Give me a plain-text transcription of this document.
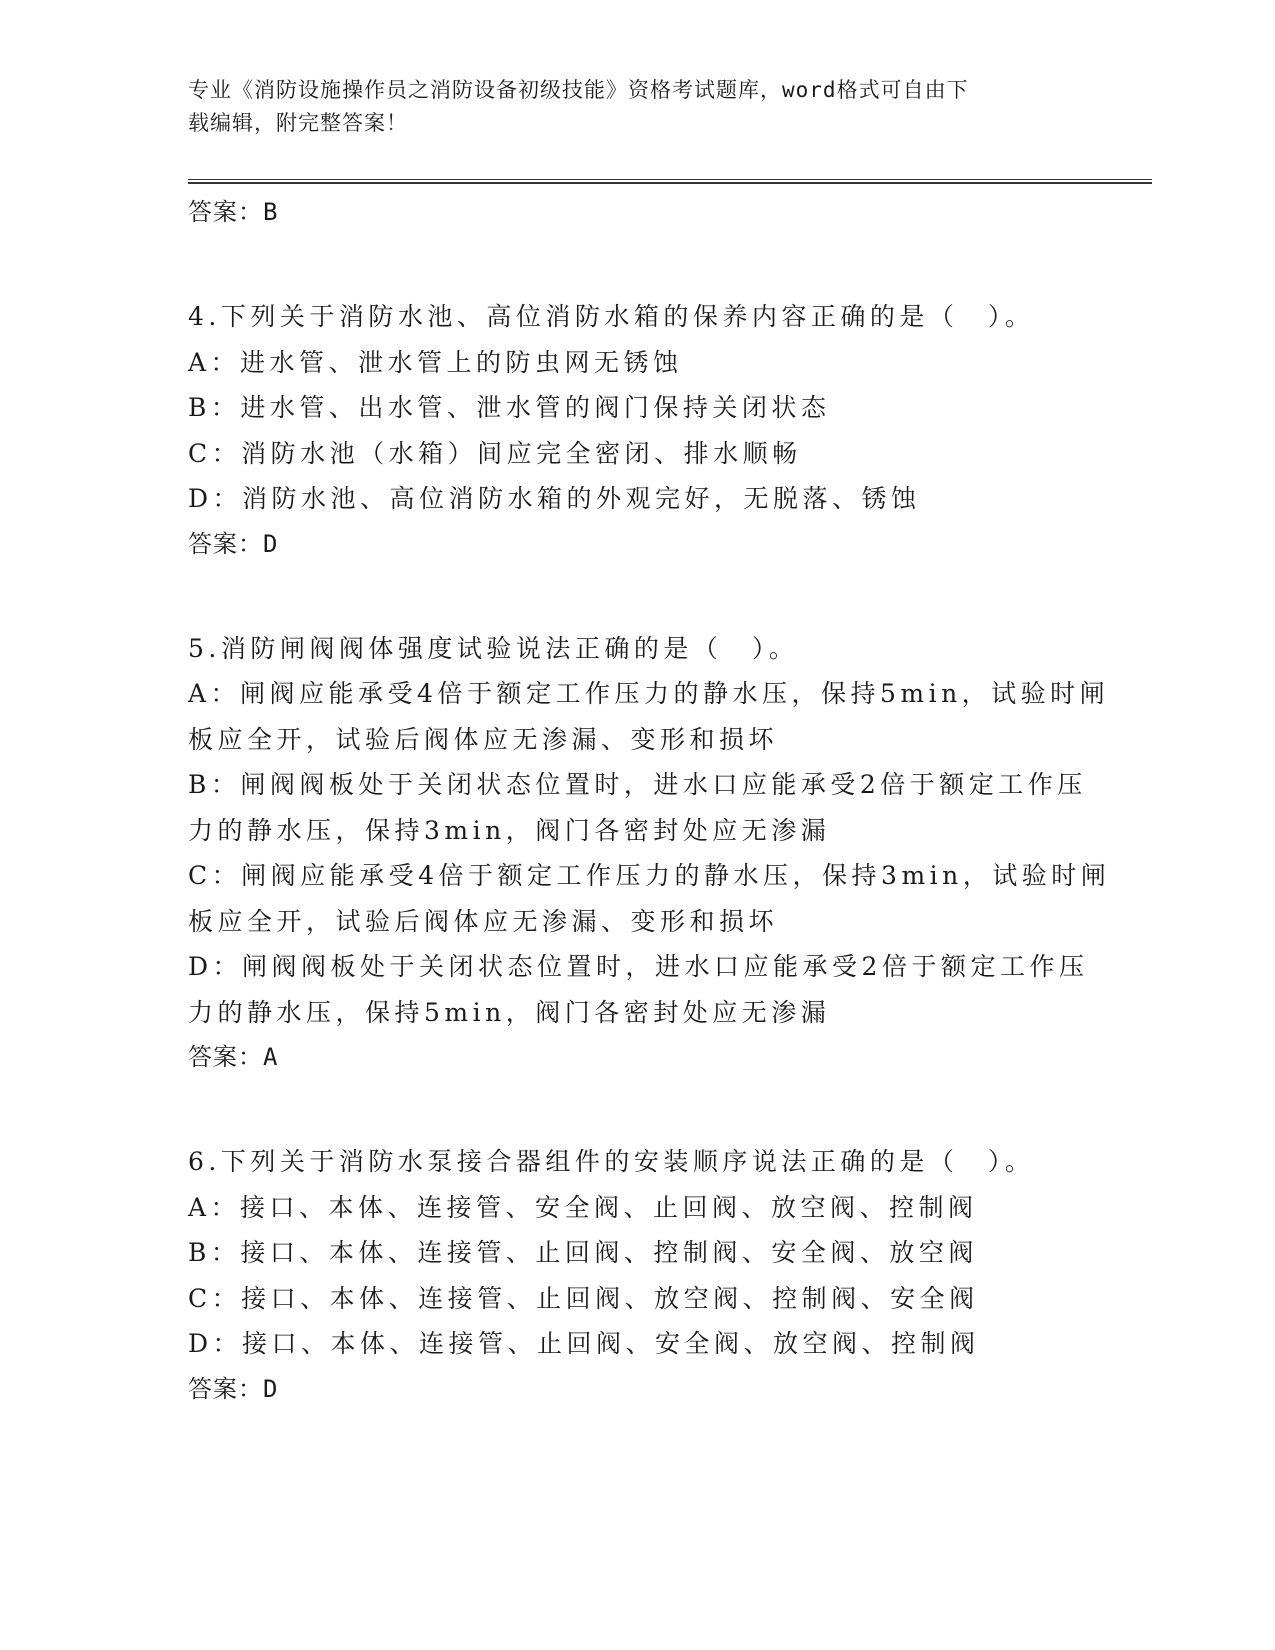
专业《消防设施操作员之消防设备初级技能》资格考试题库，word格式可自由下
载编辑，附完整答案！
答案：B
4.下列关于消防水池、高位消防水箱的保养内容正确的是（　）。
A：进水管、泄水管上的防虫网无锈蚀
B：进水管、出水管、泄水管的阀门保持关闭状态
C：消防水池（水箱）间应完全密闭、排水顺畅
D：消防水池、高位消防水箱的外观完好，无脱落、锈蚀
答案：D
5.消防闸阀阀体强度试验说法正确的是（　）。
A：闸阀应能承受4倍于额定工作压力的静水压，保持5min，试验时闸
板应全开，试验后阀体应无渗漏、变形和损坏
B：闸阀阀板处于关闭状态位置时，进水口应能承受2倍于额定工作压
力的静水压，保持3min，阀门各密封处应无渗漏
C：闸阀应能承受4倍于额定工作压力的静水压，保持3min，试验时闸
板应全开，试验后阀体应无渗漏、变形和损坏
D：闸阀阀板处于关闭状态位置时，进水口应能承受2倍于额定工作压
力的静水压，保持5min，阀门各密封处应无渗漏
答案：A
6.下列关于消防水泵接合器组件的安装顺序说法正确的是（　）。
A：接口、本体、连接管、安全阀、止回阀、放空阀、控制阀
B：接口、本体、连接管、止回阀、控制阀、安全阀、放空阀
C：接口、本体、连接管、止回阀、放空阀、控制阀、安全阀
D：接口、本体、连接管、止回阀、安全阀、放空阀、控制阀
答案：D
